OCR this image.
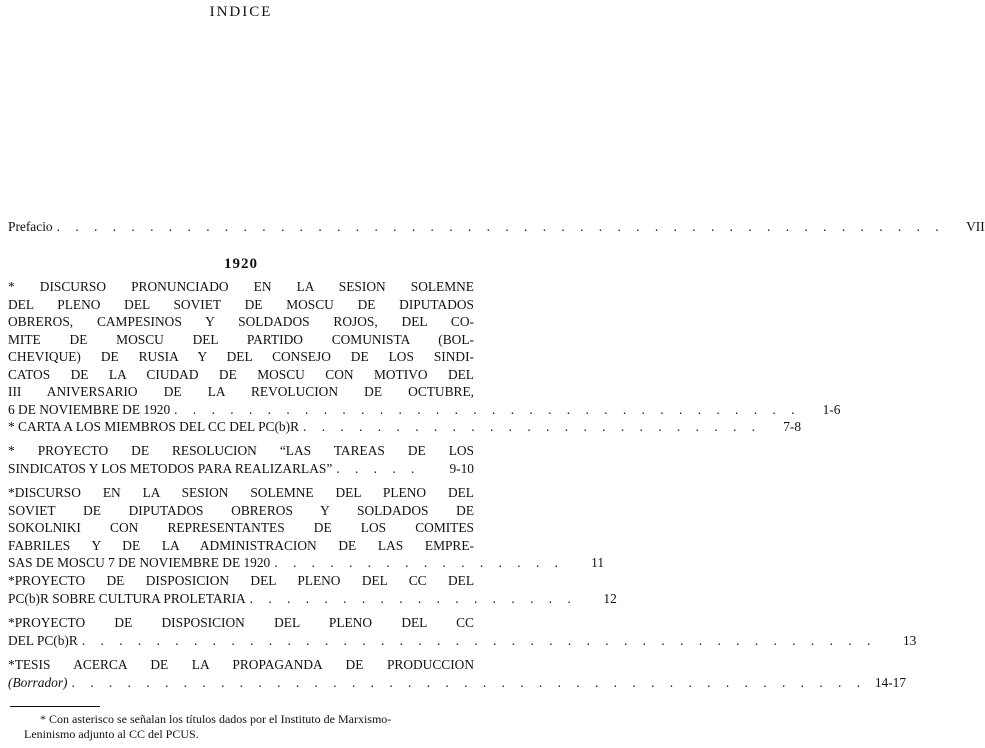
INDICE
Prefacio . . . . . . . . . . . . . . . . . . . . . . . . . . . . . . . . . . . . . . . . . . . . . . . .	VII
1920
* DISCURSO PRONUNCIADO EN LA SESION SOLEMNE
DEL PLENO DEL SOVIET DE MOSCU DE DIPUTADOS
OBREROS, CAMPESINOS Y SOLDADOS ROJOS, DEL CO-
MITE DE MOSCU DEL PARTIDO COMUNISTA (BOL-
CHEVIQUE) DE RUSIA Y DEL CONSEJO DE LOS SINDI-
CATOS DE LA CIUDAD DE MOSCU CON MOTIVO DEL
III ANIVERSARIO DE LA REVOLUCION DE OCTUBRE,
6 DE NOVIEMBRE DE 1920 . . . . . . . . . . . . . . . . . . . . . . . . . . . . . . . . . .	1-6
* CARTA A LOS MIEMBROS DEL CC DEL PC(b)R . . . . . . . . . . . . . . . . . . . . . . . . .	7-8
* PROYECTO DE RESOLUCION “LAS TAREAS DE LOS
SINDICATOS Y LOS METODOS PARA REALIZARLAS” . . . . .	9-10
*DISCURSO EN LA SESION SOLEMNE DEL PLENO DEL
SOVIET DE DIPUTADOS OBREROS Y SOLDADOS DE
SOKOLNIKI CON REPRESENTANTES DE LOS COMITES
FABRILES Y DE LA ADMINISTRACION DE LAS EMPRE-
SAS DE MOSCU 7 DE NOVIEMBRE DE 1920 . . . . . . . . . . . . . . . .	11
*PROYECTO DE DISPOSICION DEL PLENO DEL CC DEL
PC(b)R SOBRE CULTURA PROLETARIA . . . . . . . . . . . . . . . . . .	12
*PROYECTO DE DISPOSICION DEL PLENO DEL CC
DEL PC(b)R . . . . . . . . . . . . . . . . . . . . . . . . . . . . . . . . . . . . . . . . . . .	13
*TESIS ACERCA DE LA PROPAGANDA DE PRODUCCION
(Borrador) . . . . . . . . . . . . . . . . . . . . . . . . . . . . . . . . . . . . . . . . . . . 14-17
* Con asterisco se señalan los títulos dados por el Instituto de Marxismo-
Leninismo adjunto al CC del PCUS.
